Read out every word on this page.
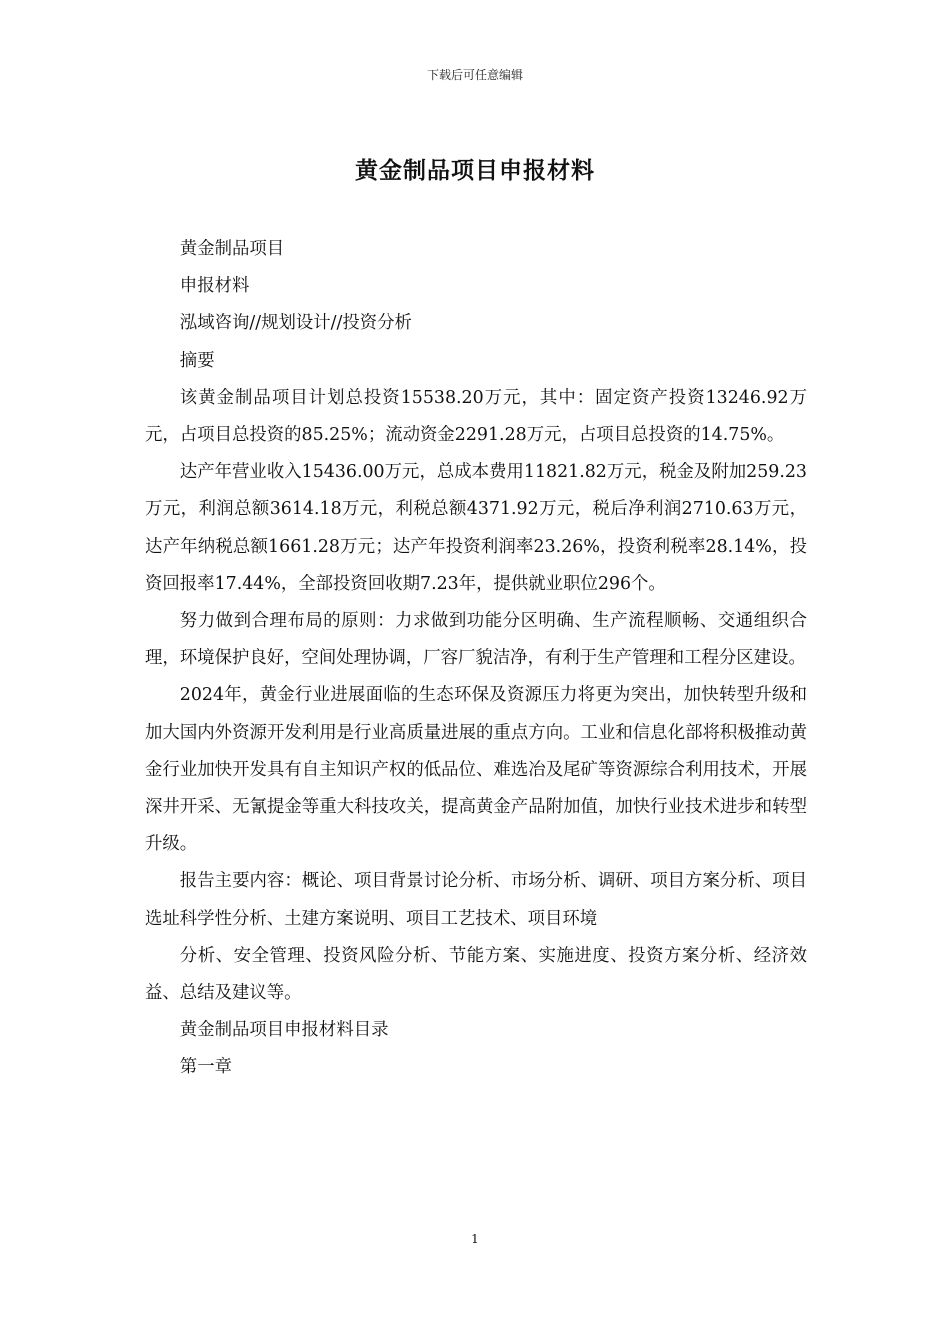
下载后可任意编辑
黄金制品项目申报材料

黄金制品项目

申报材料

泓域咨询//规划设计//投资分析

摘要

该黄金制品项目计划总投资15538.20万元，其中：固定资产投资13246.92万元，占项目总投资的85.25%；流动资金2291.28万元，占项目总投资的14.75%。

达产年营业收入15436.00万元，总成本费用11821.82万元，税金及附加259.23万元，利润总额3614.18万元，利税总额4371.92万元，税后净利润2710.63万元，达产年纳税总额1661.28万元；达产年投资利润率23.26%，投资利税率28.14%，投资回报率17.44%，全部投资回收期7.23年，提供就业职位296个。

努力做到合理布局的原则：力求做到功能分区明确、生产流程顺畅、交通组织合理，环境保护良好，空间处理协调，厂容厂貌洁净，有利于生产管理和工程分区建设。

2024年，黄金行业进展面临的生态环保及资源压力将更为突出，加快转型升级和加大国内外资源开发利用是行业高质量进展的重点方向。工业和信息化部将积极推动黄金行业加快开发具有自主知识产权的低品位、难选冶及尾矿等资源综合利用技术，开展深井开采、无氰提金等重大科技攻关，提高黄金产品附加值，加快行业技术进步和转型升级。

报告主要内容：概论、项目背景讨论分析、市场分析、调研、项目方案分析、项目选址科学性分析、土建方案说明、项目工艺技术、项目环境

分析、安全管理、投资风险分析、节能方案、实施进度、投资方案分析、经济效益、总结及建议等。

黄金制品项目申报材料目录

第一章

1
